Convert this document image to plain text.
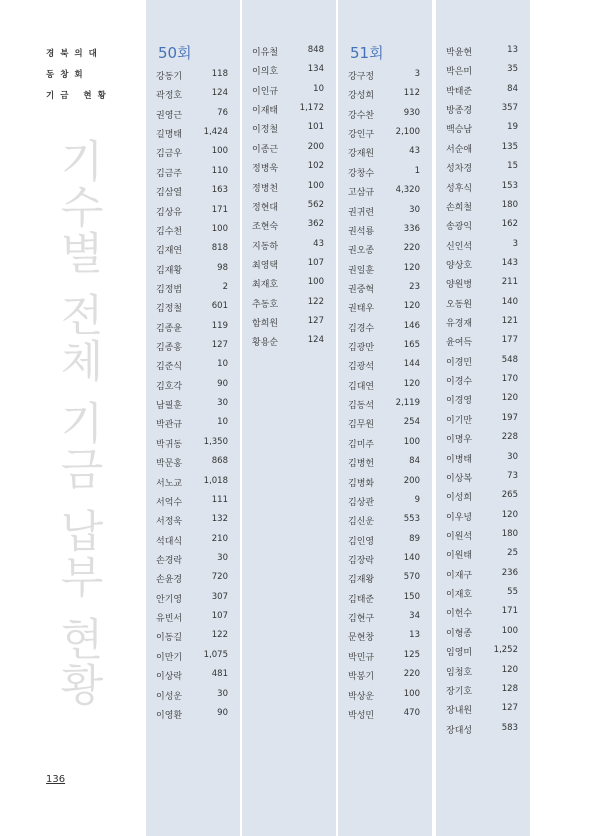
경북의대
동창회
기금 현황
기수별 전체 기금 납부 현황
136
50회
강동기	118
곽정호	124
권영근	76
길명태	1,424
김금우	100
김금주	110
김삼열	163
김상유	171
김수천	100
김재연	818
김재황	98
김정범	2
김정철	601
김종윤	119
김종홍	127
김준식	10
김호각	90
남필훈	30
박관규	10
박귀동	1,350
박문홍	868
서노교	1,018
서억수	111
서정욱	132
석대식	210
손경락	30
손윤경	720
안기영	307
유빈서	107
이동길	122
이만기	1,075
이상락	481
이성운	30
이영환	90
이유철	848
이의호	134
이인규	10
이재태	1,172
이정철	101
이종근	200
정병욱	102
정병천	100
정현대	562
조현숙	362
지동하	43
최영택	107
최재호	100
추동호	122
함희원	127
황용순	124
51회
강구정	3
강성희	112
강수찬	930
강인구	2,100
강재원	43
강창수	1
고삼규	4,320
권귀련	30
권석룡	336
권오종	220
권일훈	120
권중혁	23
권태우	120
김경수	146
김광만	165
김광석	144
김대연	120
김동석	2,119
김무원	254
김미주	100
김병헌	84
김병화	200
김상관	9
김신운	553
김인영	89
김장락	140
김재왕	570
김태준	150
김현구	34
문현창	13
박민규	125
박봉기	220
박상운	100
박성민	470
박윤현	13
박은미	35
박태준	84
방종경	357
백승남	19
서순애	135
성차경	15
성후식	153
손희철	180
송광익	162
신인석	3
양상호	143
양원병	211
오동원	140
유경재	121
윤여득	177
이경민	548
이경수	170
이경영	120
이기만	197
이명우	228
이병태	30
이상복	73
이성희	265
이우녕	120
이원석	180
이원태	25
이재구	236
이재호	55
이헌수	171
이형종	100
임영미	1,252
임청호	120
장기호	128
장내원	127
장대성	583
